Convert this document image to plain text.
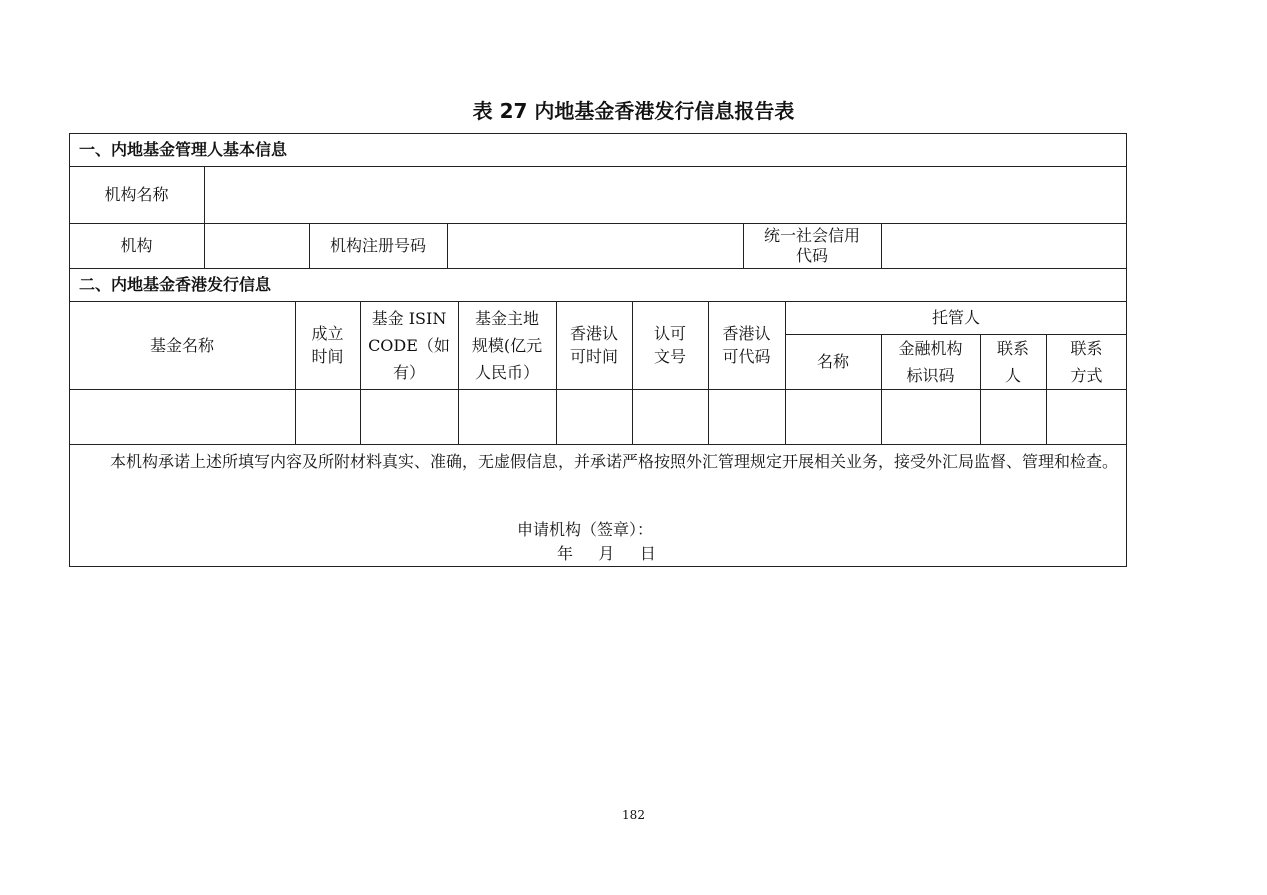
表 27 内地基金香港发行信息报告表
一、内地基金管理人基本信息
机构名称
机构	机构注册号码
统一社会信用
代码
二、内地基金香港发行信息
基金名称
成立
时间
基金 ISIN
CODE（如
有）
基金主地
规模(亿元
人民币）
香港认
可时间
认可
文号
香港认
可代码
托管人
名称
金融机构
标识码
联系
人
联系
方式
本机构承诺上述所填写内容及所附材料真实、准确，无虚假信息，并承诺严格按照外汇管理规定开展相关业务，接受外汇局监督、管理和检查。
申请机构（签章）：
年     月     日
182
